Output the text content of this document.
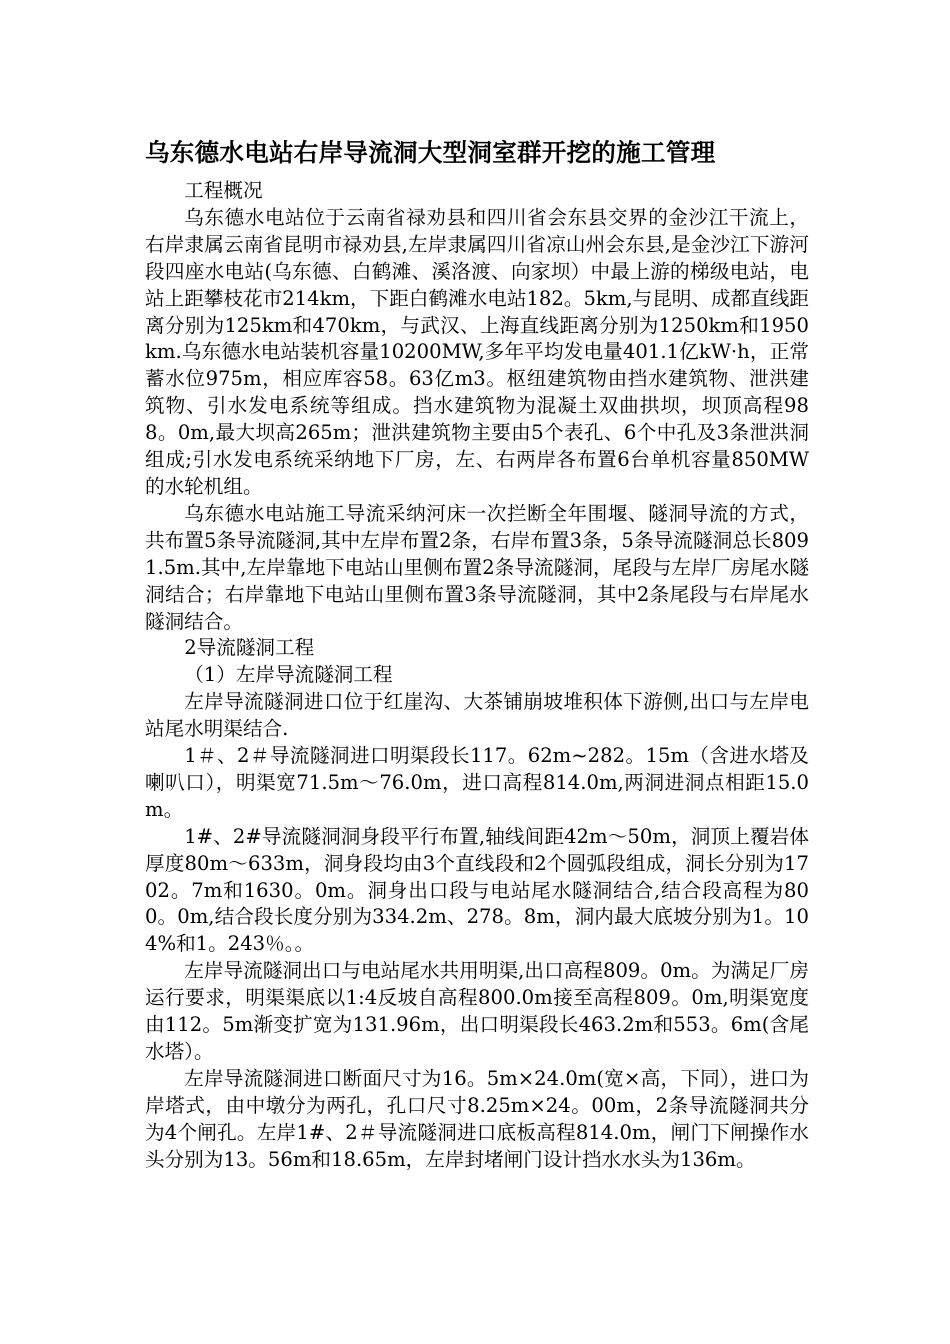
乌东德水电站右岸导流洞大型洞室群开挖的施工管理

工程概况

乌东德水电站位于云南省禄劝县和四川省会东县交界的金沙江干流上，右岸隶属云南省昆明市禄劝县,左岸隶属四川省凉山州会东县,是金沙江下游河段四座水电站(乌东德、白鹤滩、溪洛渡、向家坝）中最上游的梯级电站，电站上距攀枝花市214km，下距白鹤滩水电站182。5km,与昆明、成都直线距离分别为125km和470km，与武汉、上海直线距离分别为1250km和1950km.乌东德水电站装机容量10200MW,多年平均发电量401.1亿kW·h，正常蓄水位975m，相应库容58。63亿m3。枢纽建筑物由挡水建筑物、泄洪建筑物、引水发电系统等组成。挡水建筑物为混凝土双曲拱坝，坝顶高程988。0m,最大坝高265m；泄洪建筑物主要由5个表孔、6个中孔及3条泄洪洞组成;引水发电系统采纳地下厂房，左、右两岸各布置6台单机容量850MW的水轮机组。

乌东德水电站施工导流采纳河床一次拦断全年围堰、隧洞导流的方式，共布置5条导流隧洞,其中左岸布置2条，右岸布置3条，5条导流隧洞总长8091.5m.其中,左岸靠地下电站山里侧布置2条导流隧洞，尾段与左岸厂房尾水隧洞结合；右岸靠地下电站山里侧布置3条导流隧洞，其中2条尾段与右岸尾水隧洞结合。

2导流隧洞工程

（1）左岸导流隧洞工程

左岸导流隧洞进口位于红崖沟、大茶铺崩坡堆积体下游侧,出口与左岸电站尾水明渠结合.

1＃、2＃导流隧洞进口明渠段长117。62m~282。15m（含进水塔及喇叭口），明渠宽71.5m～76.0m，进口高程814.0m,两洞进洞点相距15.0m。

1#、2#导流隧洞洞身段平行布置,轴线间距42m～50m，洞顶上覆岩体厚度80m～633m，洞身段均由3个直线段和2个圆弧段组成，洞长分别为1702。7m和1630。0m。洞身出口段与电站尾水隧洞结合,结合段高程为800。0m,结合段长度分别为334.2m、278。8m，洞内最大底坡分别为1。104%和1。243％。。

左岸导流隧洞出口与电站尾水共用明渠,出口高程809。0m。为满足厂房运行要求，明渠渠底以1:4反坡自高程800.0m接至高程809。0m,明渠宽度由112。5m渐变扩宽为131.96m，出口明渠段长463.2m和553。6m(含尾水塔）。

左岸导流隧洞进口断面尺寸为16。5m×24.0m(宽×高，下同），进口为岸塔式，由中墩分为两孔，孔口尺寸8.25m×24。00m，2条导流隧洞共分为4个闸孔。左岸1#、2＃导流隧洞进口底板高程814.0m，闸门下闸操作水头分别为13。56m和18.65m，左岸封堵闸门设计挡水水头为136m。
